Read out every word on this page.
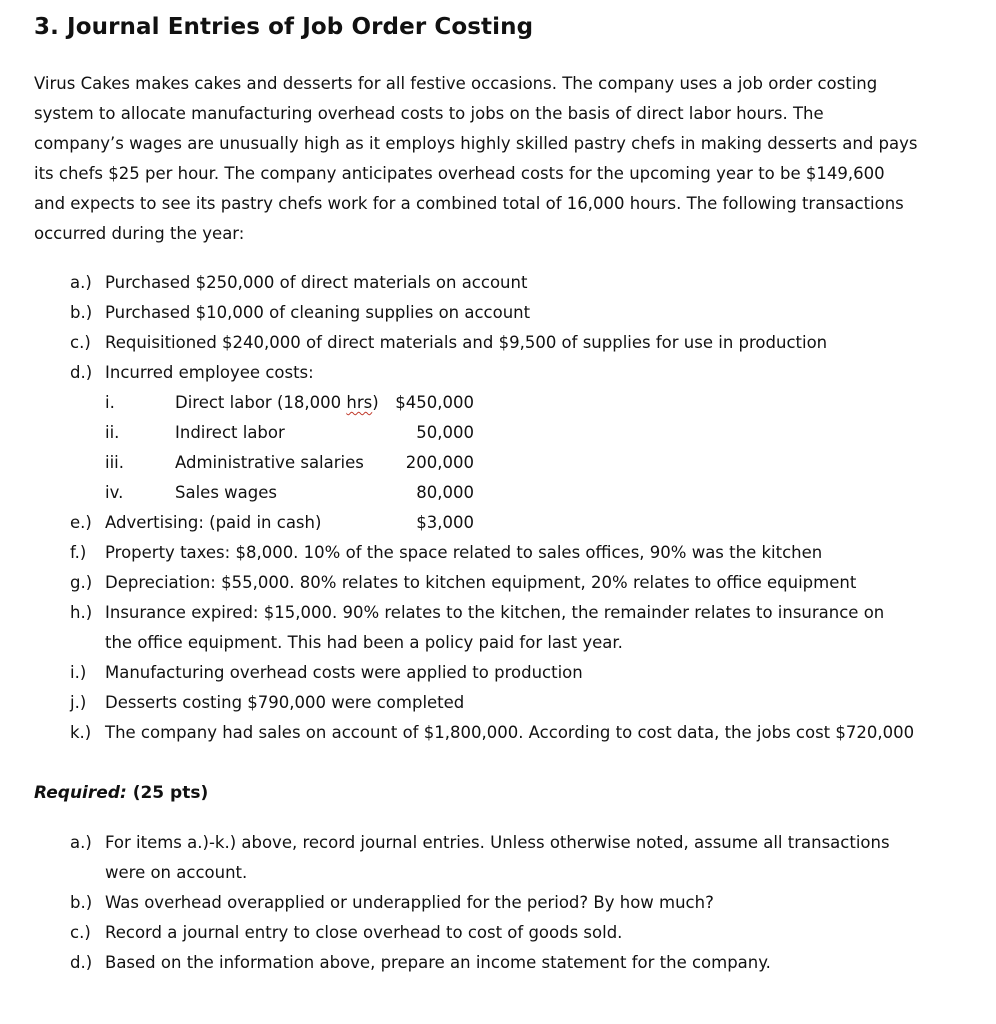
3. Journal Entries of Job Order Costing
Virus Cakes makes cakes and desserts for all festive occasions. The company uses a job order costing
system to allocate manufacturing overhead costs to jobs on the basis of direct labor hours. The
company’s wages are unusually high as it employs highly skilled pastry chefs in making desserts and pays
its chefs $25 per hour. The company anticipates overhead costs for the upcoming year to be $149,600
and expects to see its pastry chefs work for a combined total of 16,000 hours. The following transactions
occurred during the year:
a.) Purchased $250,000 of direct materials on account
b.) Purchased $10,000 of cleaning supplies on account
c.) Requisitioned $240,000 of direct materials and $9,500 of supplies for use in production
d.) Incurred employee costs:
i.	Direct labor (18,000 hrs)	$450,000
ii.	Indirect labor	50,000
iii.	Administrative salaries	200,000
iv.	Sales wages	80,000
e.) Advertising: (paid in cash)	$3,000
f.) Property taxes: $8,000. 10% of the space related to sales offices, 90% was the kitchen
g.) Depreciation: $55,000. 80% relates to kitchen equipment, 20% relates to office equipment
h.) Insurance expired: $15,000. 90% relates to the kitchen, the remainder relates to insurance on
the office equipment. This had been a policy paid for last year.
i.) Manufacturing overhead costs were applied to production
j.) Desserts costing $790,000 were completed
k.) The company had sales on account of $1,800,000. According to cost data, the jobs cost $720,000
Required: (25 pts)
a.) For items a.)-k.) above, record journal entries. Unless otherwise noted, assume all transactions
were on account.
b.) Was overhead overapplied or underapplied for the period? By how much?
c.) Record a journal entry to close overhead to cost of goods sold.
d.) Based on the information above, prepare an income statement for the company.
